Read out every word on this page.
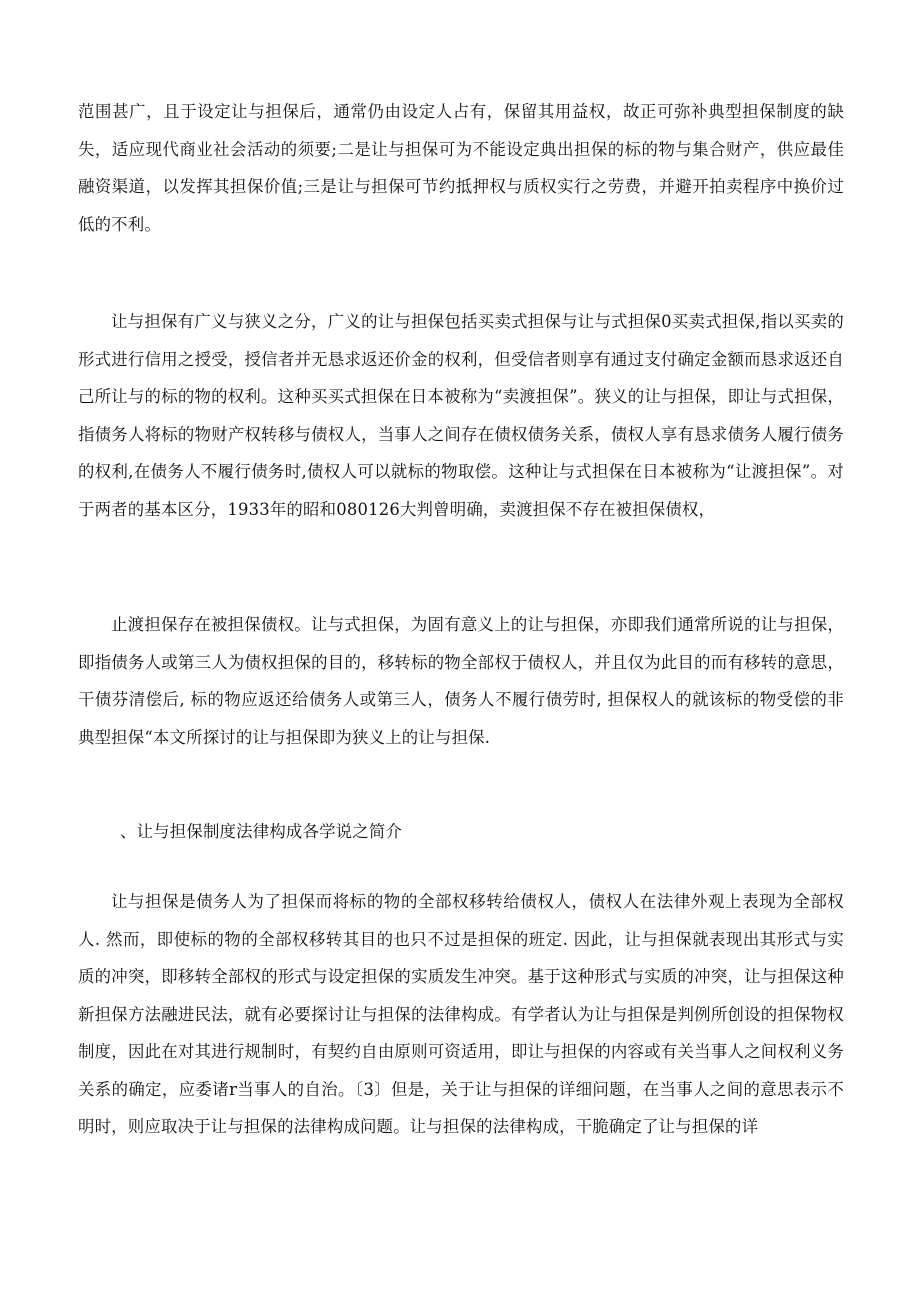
范围甚广，且于设定让与担保后，通常仍由设定人占有，保留其用益权，故正可弥补典型担保制度的缺失，适应现代商业社会活动的须要;二是让与担保可为不能设定典出担保的标的物与集合财产，供应最佳融资渠道，以发挥其担保价值;三是让与担保可节约抵押权与质权实行之劳费，并避开拍卖程序中换价过低的不利。

让与担保有广义与狭义之分，广义的让与担保包括买卖式担保与让与式担保0买卖式担保,指以买卖的形式进行信用之授受，授信者并无恳求返还价金的权利，但受信者则享有通过支付确定金额而恳求返还自己所让与的标的物的权利。这种买买式担保在日本被称为“卖渡担保”。狭义的让与担保，即让与式担保，指债务人将标的物财产权转移与债权人，当事人之间存在债权债务关系，债权人享有恳求债务人履行债务的权利,在债务人不履行债务时,债权人可以就标的物取偿。这种让与式担保在日本被称为“让渡担保”。对于两者的基本区分，1933年的昭和080126大判曾明确，卖渡担保不存在被担保债权，

止渡担保存在被担保债权。让与式担保，为固有意义上的让与担保，亦即我们通常所说的让与担保，即指债务人或第三人为债权担保的目的，移转标的物全部权于债权人，并且仅为此目的而有移转的意思，干债芬清偿后, 标的物应返还给债务人或第三人，债务人不履行债劳时, 担保权人的就该标的物受偿的非典型担保“本文所探讨的让与担保即为狭义上的让与担保.

、让与担保制度法律构成各学说之简介

让与担保是债务人为了担保而将标的物的全部权移转给债权人，债权人在法律外观上表现为全部权人. 然而，即使标的物的全部权移转其目的也只不过是担保的班定. 因此，让与担保就表现出其形式与实质的冲突，即移转全部权的形式与设定担保的实质发生冲突。基于这种形式与实质的冲突，让与担保这种新担保方法融进民法，就有必要探讨让与担保的法律构成。有学者认为让与担保是判例所创设的担保物权制度，因此在对其进行规制时，有契约自由原则可资适用，即让与担保的内容或有关当事人之间权利义务关系的确定，应委诸r当事人的自治。〔3〕但是，关于让与担保的详细问题，在当事人之间的意思表示不明时，则应取决于让与担保的法律构成问题。让与担保的法律构成，干脆确定了让与担保的详
